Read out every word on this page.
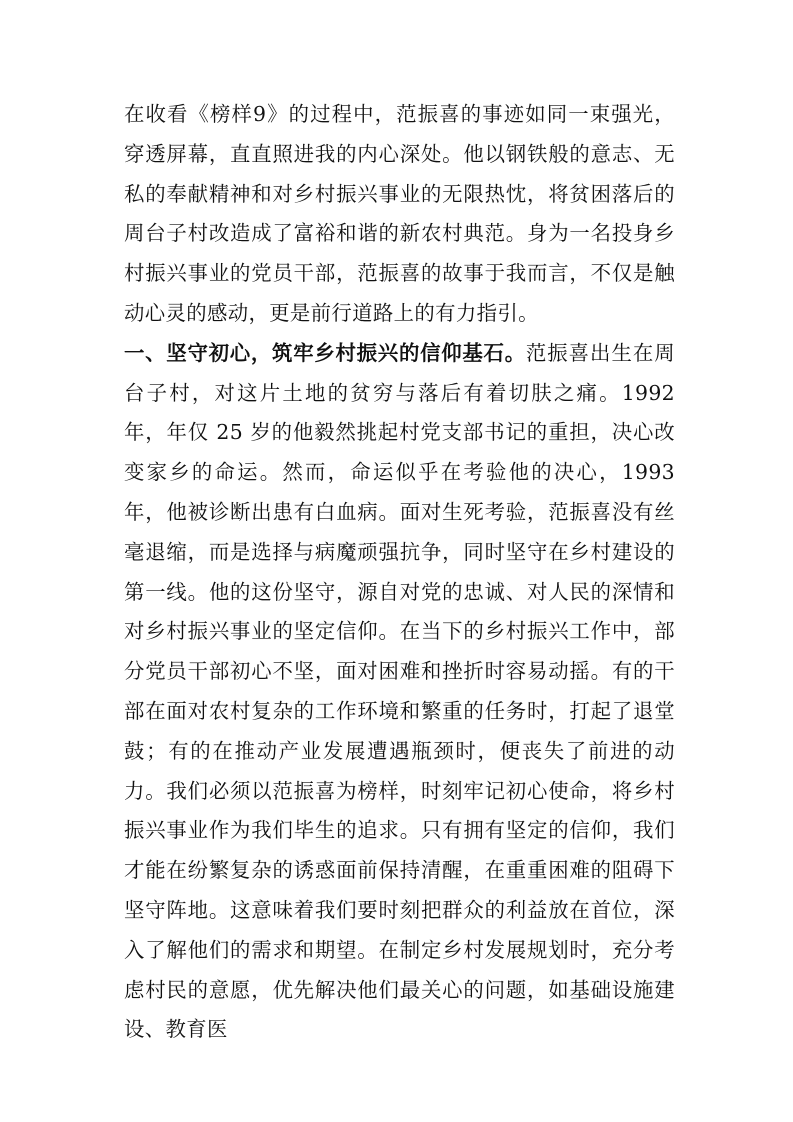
在收看《榜样9》的过程中，范振喜的事迹如同一束强光，穿透屏幕，直直照进我的内心深处。他以钢铁般的意志、无私的奉献精神和对乡村振兴事业的无限热忱，将贫困落后的周台子村改造成了富裕和谐的新农村典范。身为一名投身乡村振兴事业的党员干部，范振喜的故事于我而言，不仅是触动心灵的感动，更是前行道路上的有力指引。

一、坚守初心，筑牢乡村振兴的信仰基石。范振喜出生在周台子村，对这片土地的贫穷与落后有着切肤之痛。1992 年，年仅 25 岁的他毅然挑起村党支部书记的重担，决心改变家乡的命运。然而，命运似乎在考验他的决心，1993 年，他被诊断出患有白血病。面对生死考验，范振喜没有丝毫退缩，而是选择与病魔顽强抗争，同时坚守在乡村建设的第一线。他的这份坚守，源自对党的忠诚、对人民的深情和对乡村振兴事业的坚定信仰。在当下的乡村振兴工作中，部分党员干部初心不坚，面对困难和挫折时容易动摇。有的干部在面对农村复杂的工作环境和繁重的任务时，打起了退堂鼓；有的在推动产业发展遭遇瓶颈时，便丧失了前进的动力。我们必须以范振喜为榜样，时刻牢记初心使命，将乡村振兴事业作为我们毕生的追求。只有拥有坚定的信仰，我们才能在纷繁复杂的诱惑面前保持清醒，在重重困难的阻碍下坚守阵地。这意味着我们要时刻把群众的利益放在首位，深入了解他们的需求和期望。在制定乡村发展规划时，充分考虑村民的意愿，优先解决他们最关心的问题，如基础设施建设、教育医
